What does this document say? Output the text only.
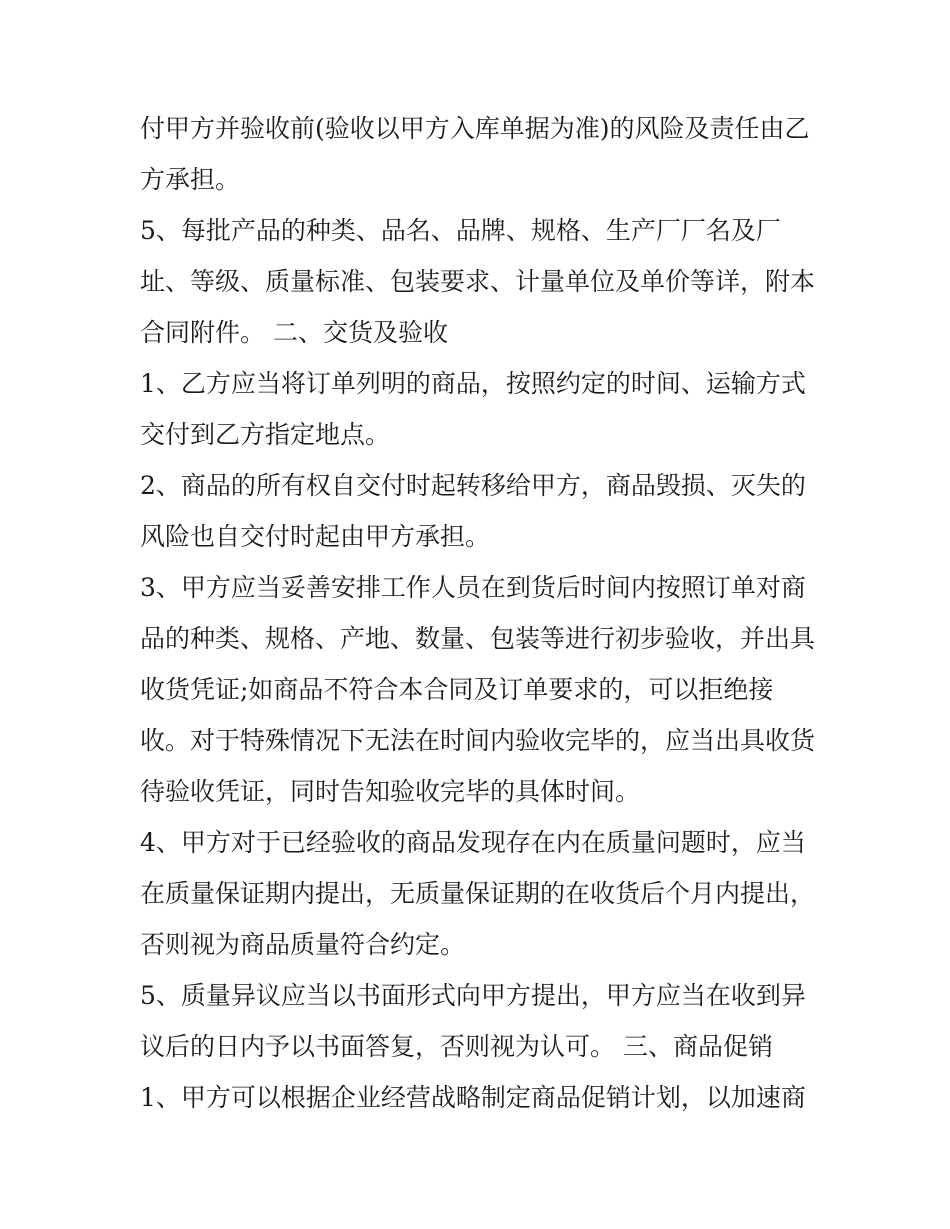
付甲方并验收前(验收以甲方入库单据为准)的风险及责任由乙
方承担。
5、每批产品的种类、品名、品牌、规格、生产厂厂名及厂
址、等级、质量标准、包装要求、计量单位及单价等详，附本
合同附件。 二、交货及验收
1、乙方应当将订单列明的商品，按照约定的时间、运输方式
交付到乙方指定地点。
2、商品的所有权自交付时起转移给甲方，商品毁损、灭失的
风险也自交付时起由甲方承担。
3、甲方应当妥善安排工作人员在到货后时间内按照订单对商
品的种类、规格、产地、数量、包装等进行初步验收，并出具
收货凭证;如商品不符合本合同及订单要求的，可以拒绝接
收。对于特殊情况下无法在时间内验收完毕的，应当出具收货
待验收凭证，同时告知验收完毕的具体时间。
4、甲方对于已经验收的商品发现存在内在质量问题时，应当
在质量保证期内提出，无质量保证期的在收货后个月内提出，
否则视为商品质量符合约定。
5、质量异议应当以书面形式向甲方提出，甲方应当在收到异
议后的日内予以书面答复，否则视为认可。 三、商品促销
1、甲方可以根据企业经营战略制定商品促销计划，以加速商
